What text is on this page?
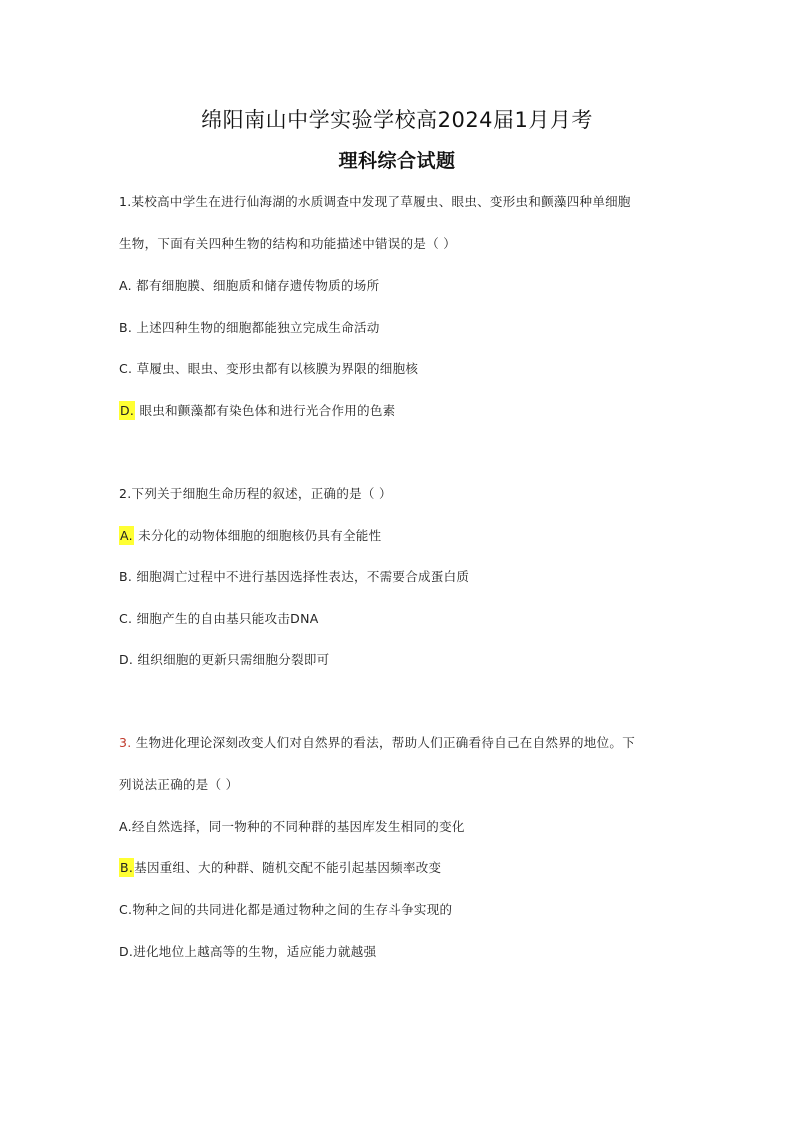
绵阳南山中学实验学校高2024届1月月考
理科综合试题
1.某校高中学生在进行仙海湖的水质调查中发现了草履虫、眼虫、变形虫和颤藻四种单细胞
生物，下面有关四种生物的结构和功能描述中错误的是（ ）
A. 都有细胞膜、细胞质和储存遗传物质的场所
B. 上述四种生物的细胞都能独立完成生命活动
C. 草履虫、眼虫、变形虫都有以核膜为界限的细胞核
D. 眼虫和颤藻都有染色体和进行光合作用的色素
2.下列关于细胞生命历程的叙述，正确的是（ ）
A. 未分化的动物体细胞的细胞核仍具有全能性
B. 细胞凋亡过程中不进行基因选择性表达，不需要合成蛋白质
C. 细胞产生的自由基只能攻击DNA
D. 组织细胞的更新只需细胞分裂即可
3. 生物进化理论深刻改变人们对自然界的看法，帮助人们正确看待自己在自然界的地位。下
列说法正确的是（ ）
A.经自然选择，同一物种的不同种群的基因库发生相同的变化
B.基因重组、大的种群、随机交配不能引起基因频率改变
C.物种之间的共同进化都是通过物种之间的生存斗争实现的
D.进化地位上越高等的生物，适应能力就越强
